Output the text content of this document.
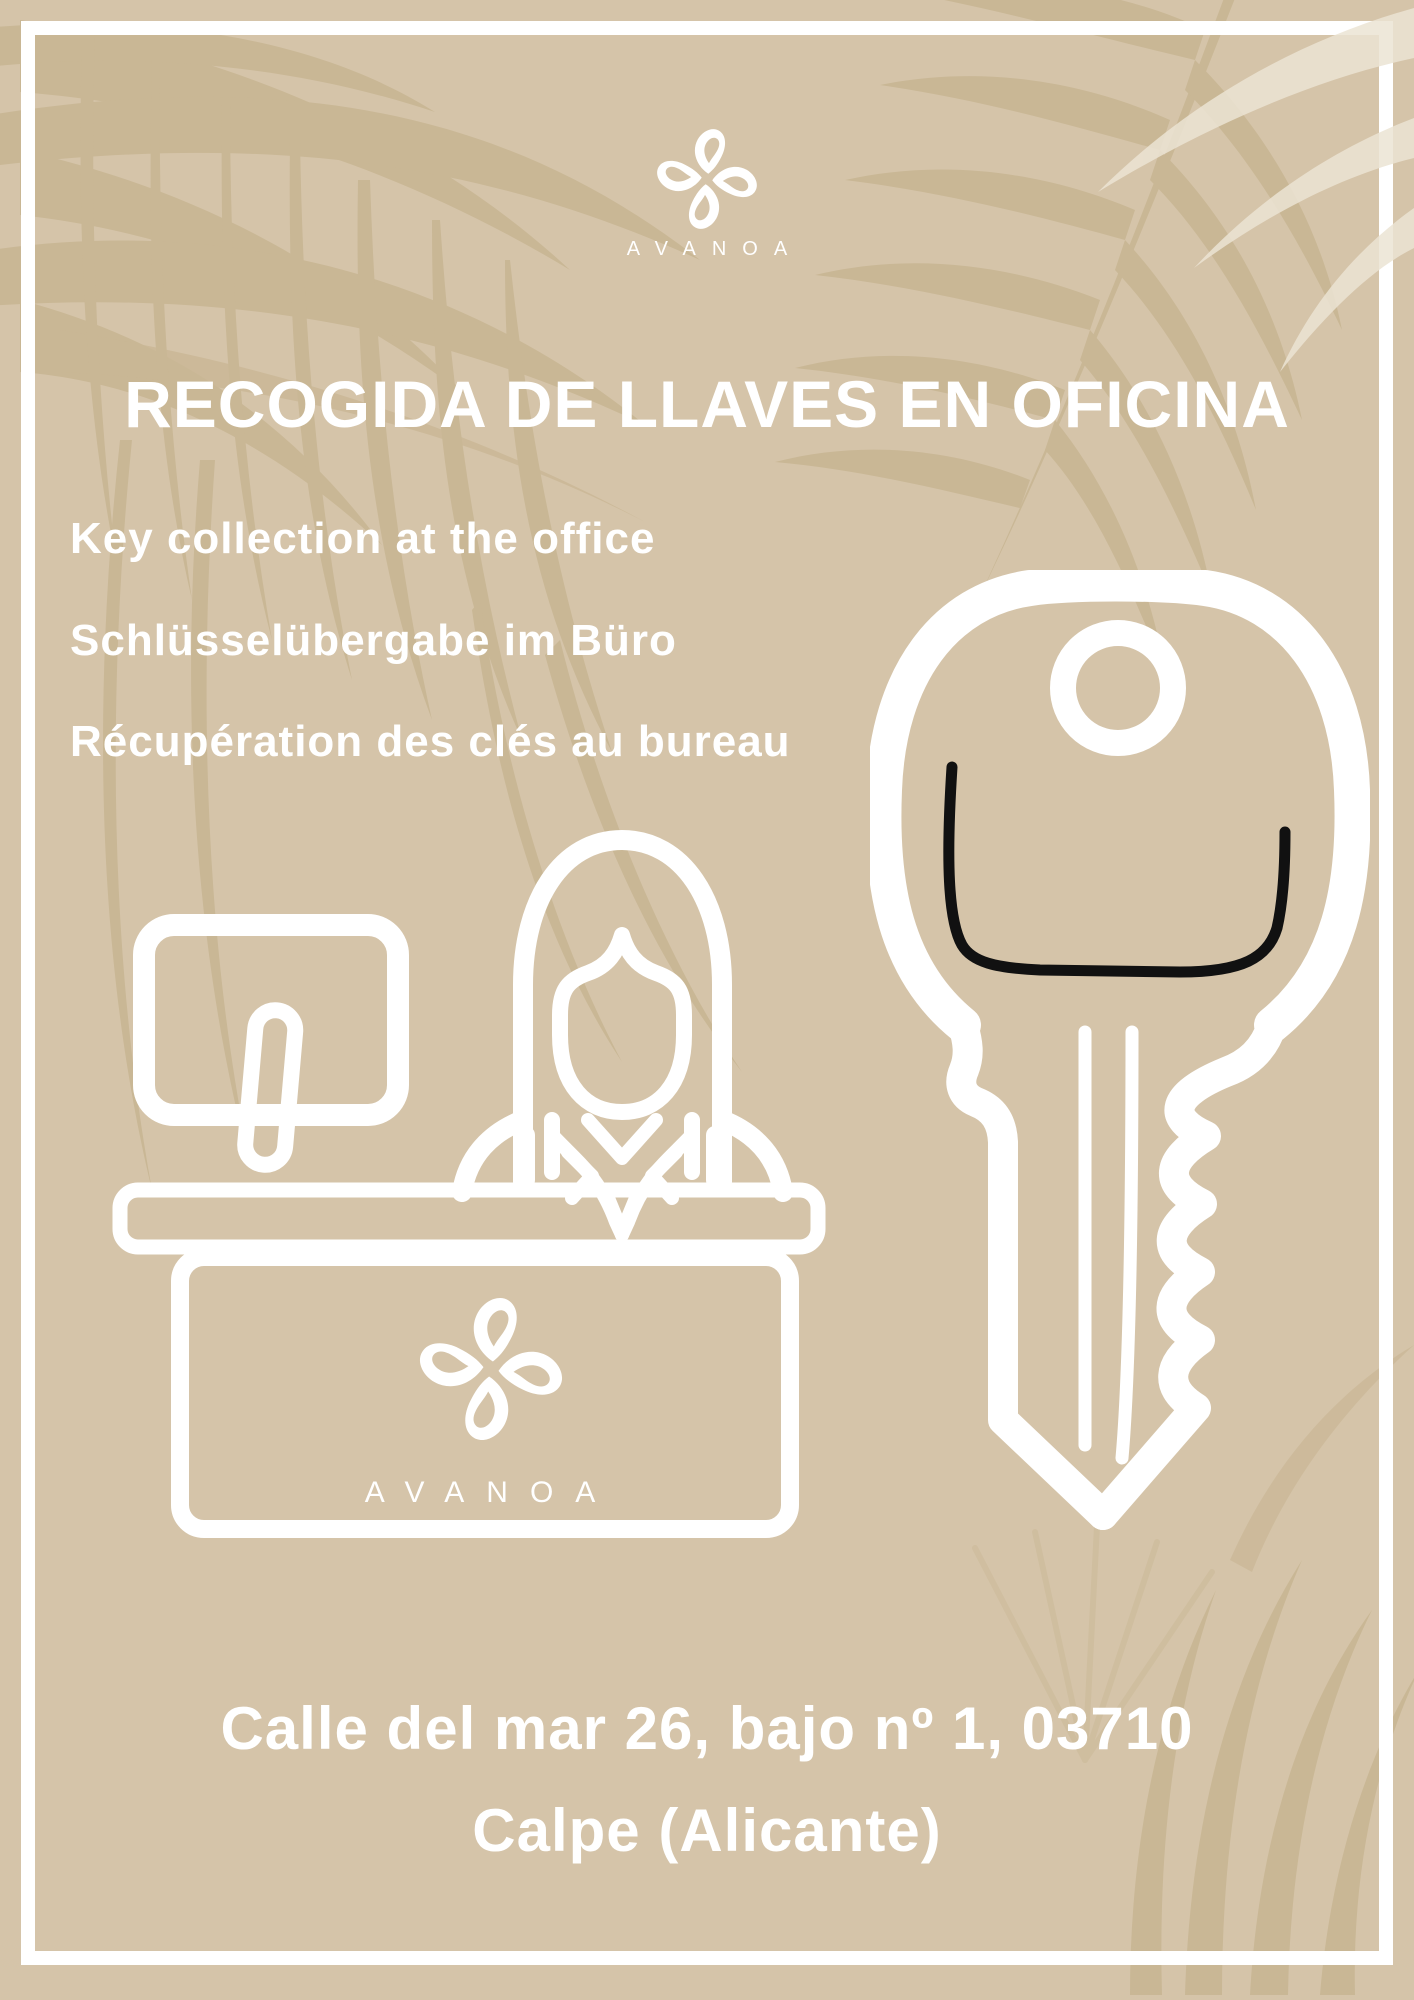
AVANOA
RECOGIDA DE LLAVES EN OFICINA
Key collection at the office
Schlüsselübergabe im Büro
Récupération des clés au bureau
AVANOA
Calle del mar 26, bajo nº 1, 03710
Calpe (Alicante)
